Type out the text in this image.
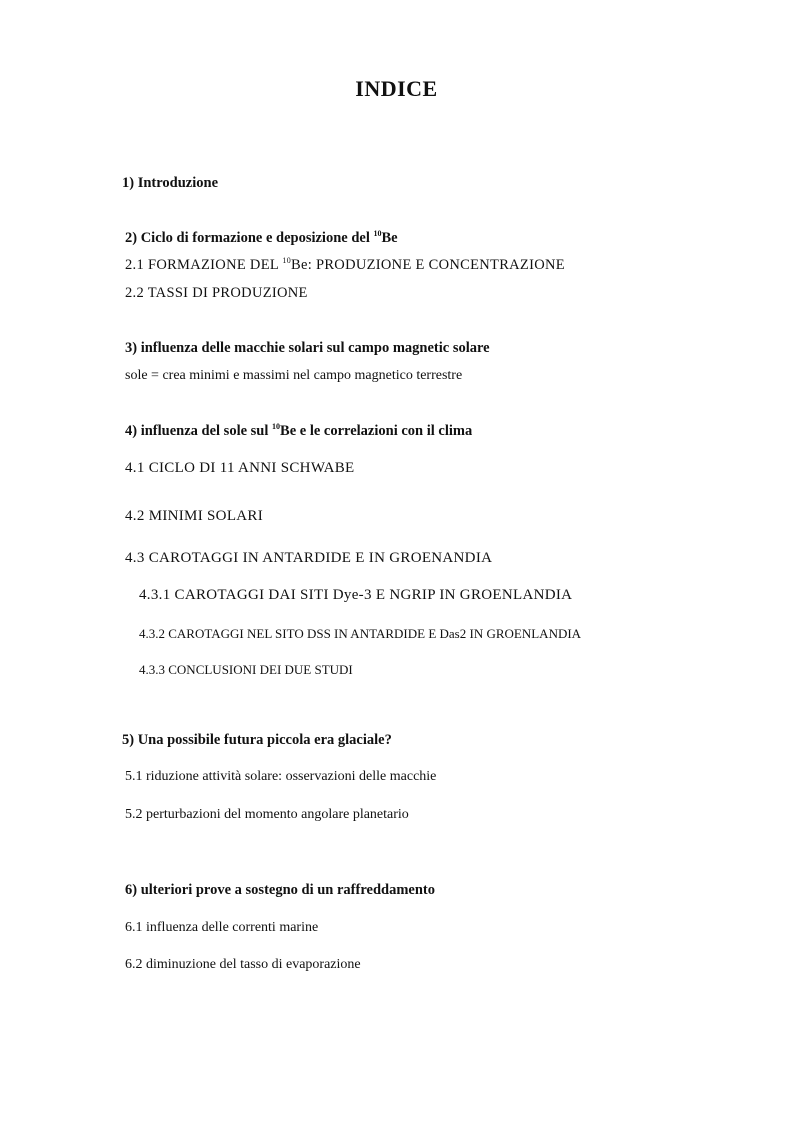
INDICE
1) Introduzione
2) Ciclo di formazione e deposizione del $^{10}$Be
2.1 FORMAZIONE DEL $^{10}$Be: PRODUZIONE E CONCENTRAZIONE
2.2 TASSI DI PRODUZIONE
3) influenza delle macchie solari sul campo magnetic solare
sole = crea minimi e massimi nel campo magnetico terrestre
4) influenza del sole sul $^{10}$Be e le correlazioni con il clima
4.1 CICLO DI 11 ANNI SCHWABE
4.2 MINIMI SOLARI
4.3 CAROTAGGI IN ANTARDIDE E IN GROENANDIA
4.3.1 CAROTAGGI DAI SITI Dye-3 E NGRIP IN GROENLANDIA
4.3.2 CAROTAGGI NEL SITO DSS IN ANTARDIDE E Das2 IN GROENLANDIA
4.3.3 CONCLUSIONI DEI DUE STUDI
5) Una possibile futura piccola era glaciale?
5.1 riduzione attività solare: osservazioni delle macchie
5.2 perturbazioni del momento angolare planetario
6) ulteriori prove a sostegno di un raffreddamento
6.1 influenza delle correnti marine
6.2 diminuzione del tasso di evaporazione
